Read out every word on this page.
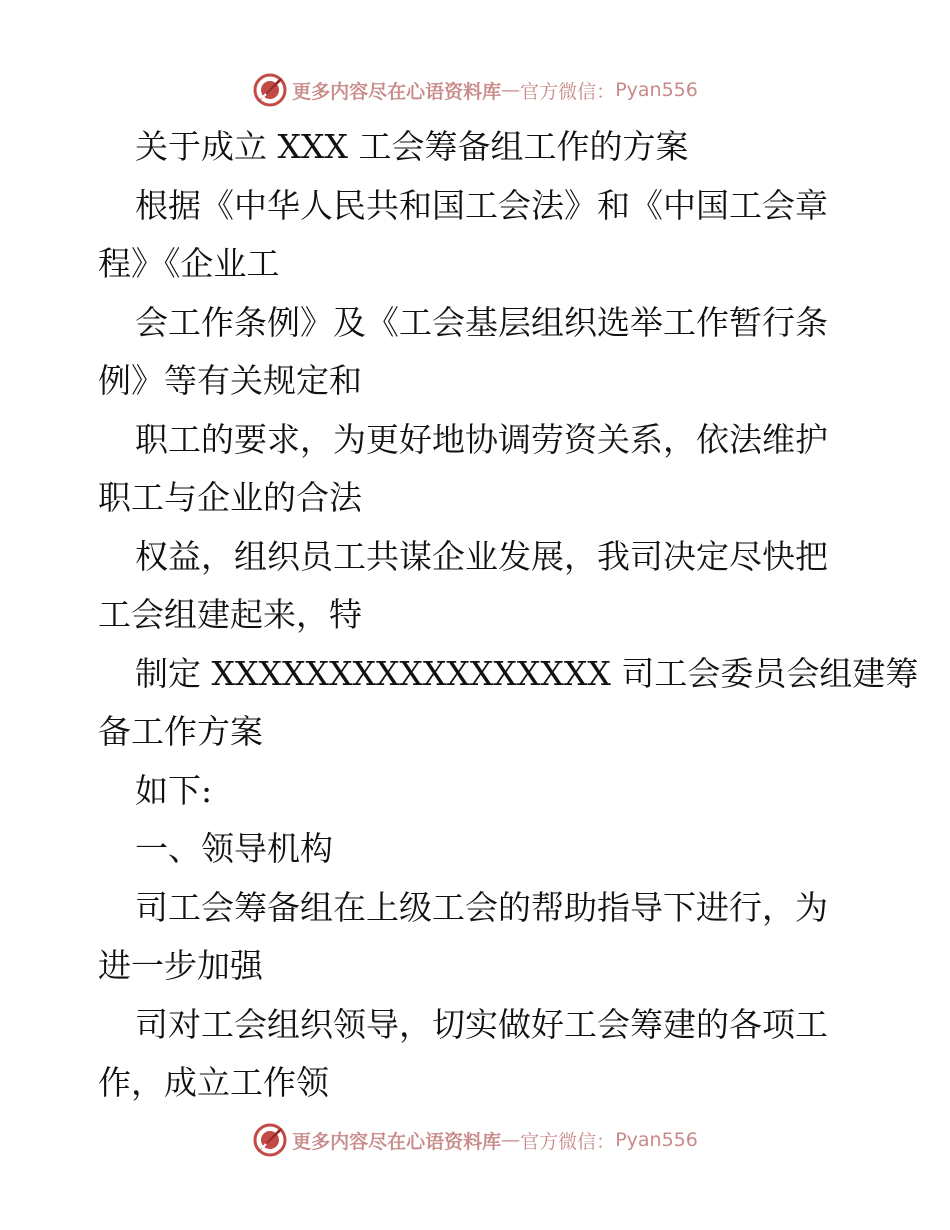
更多内容尽在心语资料库 — 官方微信： Pyan556
关于成立 XXX 工会筹备组工作的方案
根据《中华人民共和国工会法》和《中国工会章
程》《企业工
会工作条例》及《工会基层组织选举工作暂行条
例》等有关规定和
职工的要求，为更好地协调劳资关系，依法维护
职工与企业的合法
权益，组织员工共谋企业发展，我司决定尽快把
工会组建起来，特
制定 XXXXXXXXXXXXXXXXX 司工会委员会组建筹
备工作方案
如下:
一、领导机构
司工会筹备组在上级工会的帮助指导下进行，为
进一步加强
司对工会组织领导，切实做好工会筹建的各项工
作，成立工作领
更多内容尽在心语资料库 — 官方微信： Pyan556
